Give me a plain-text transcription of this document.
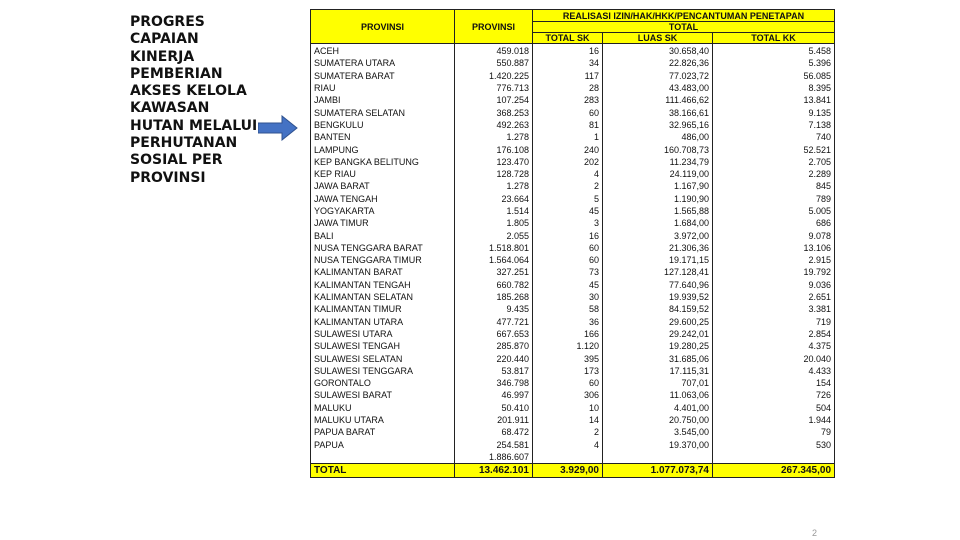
PROGRES
CAPAIAN
KINERJA
PEMBERIAN
AKSES KELOLA
KAWASAN
HUTAN MELALUI
PERHUTANAN
SOSIAL PER
PROVINSI

PROVINSI	PROVINSI	REALISASI IZIN/HAK/HKK/PENCANTUMAN PENETAPAN		
		TOTAL		
		TOTAL SK	LUAS SK	TOTAL KK
ACEH	459.018	16	30.658,40	5.458
SUMATERA UTARA	550.887	34	22.826,36	5.396
SUMATERA BARAT	1.420.225	117	77.023,72	56.085
RIAU	776.713	28	43.483,00	8.395
JAMBI	107.254	283	111.466,62	13.841
SUMATERA SELATAN	368.253	60	38.166,61	9.135
BENGKULU	492.263	81	32.965,16	7.138
BANTEN	1.278	1	486,00	740
LAMPUNG	176.108	240	160.708,73	52.521
KEP BANGKA BELITUNG	123.470	202	11.234,79	2.705
KEP RIAU	128.728	4	24.119,00	2.289
JAWA BARAT	1.278	2	1.167,90	845
JAWA TENGAH	23.664	5	1.190,90	789
YOGYAKARTA	1.514	45	1.565,88	5.005
JAWA TIMUR	1.805	3	1.684,00	686
BALI	2.055	16	3.972,00	9.078
NUSA TENGGARA BARAT	1.518.801	60	21.306,36	13.106
NUSA TENGGARA TIMUR	1.564.064	60	19.171,15	2.915
KALIMANTAN BARAT	327.251	73	127.128,41	19.792
KALIMANTAN TENGAH	660.782	45	77.640,96	9.036
KALIMANTAN SELATAN	185.268	30	19.939,52	2.651
KALIMANTAN TIMUR	9.435	58	84.159,52	3.381
KALIMANTAN UTARA	477.721	36	29.600,25	719
SULAWESI UTARA	667.653	166	29.242,01	2.854
SULAWESI TENGAH	285.870	1.120	19.280,25	4.375
SULAWESI SELATAN	220.440	395	31.685,06	20.040
SULAWESI TENGGARA	53.817	173	17.115,31	4.433
GORONTALO	346.798	60	707,01	154
SULAWESI BARAT	46.997	306	11.063,06	726
MALUKU	50.410	10	4.401,00	504
MALUKU UTARA	201.911	14	20.750,00	1.944
PAPUA BARAT	68.472	2	3.545,00	79
PAPUA	254.581	4	19.370,00	530
	1.886.607			
TOTAL	13.462.101	3.929,00	1.077.073,74	267.345,00
2
